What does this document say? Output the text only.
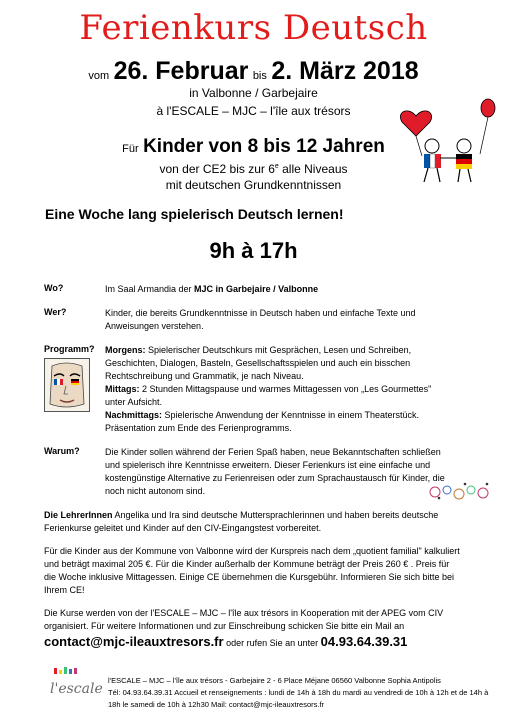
Ferienkurs Deutsch
vom 26. Februar bis 2. März 2018
in Valbonne / Garbejaire
à l'ESCALE – MJC – l'île aux trésors
Für Kinder von 8 bis 12 Jahren
von der CE2 bis zur 6e alle Niveaus
mit deutschen Grundkenntnissen
Eine Woche lang spielerisch Deutsch lernen!
9h à 17h
Wo?	Im Saal Armandia der MJC in Garbejaire / Valbonne
Wer?	Kinder, die bereits Grundkenntnisse in Deutsch haben und einfache Texte und Anweisungen verstehen.
Programm? Morgens: Spielerischer Deutschkurs mit Gesprächen, Lesen und Schreiben, Geschichten, Dialogen, Basteln, Gesellschaftsspielen und auch ein bisschen Rechtschreibung und Grammatik, je nach Niveau.
Mittags: 2 Stunden Mittagspause und warmes Mittagessen von „Les Gourmettes" unter Aufsicht.
Nachmittags: Spielerische Anwendung der Kenntnisse in einem Theaterstück. Präsentation zum Ende des Ferienprogramms.
Warum?	Die Kinder sollen während der Ferien Spaß haben, neue Bekanntschaften schließen und spielerisch ihre Kenntnisse erweitern. Dieser Ferienkurs ist eine einfache und kostengünstige Alternative zu Ferienreisen oder zum Sprachaustausch für Kinder, die noch nicht autonom sind.
Die LehrerInnen Angelika und Ira sind deutsche Muttersprachlerinnen und haben bereits deutsche Ferienkurse geleitet und Kinder auf den CIV-Eingangstest vorbereitet.
Für die Kinder aus der Kommune von Valbonne wird der Kurspreis nach dem „quotient familial" kalkuliert und beträgt maximal 205 €. Für die Kinder außerhalb der Kommune beträgt der Preis 260 € . Preis für die Woche inklusive Mittagessen. Einige CE übernehmen die Kursgebühr. Informieren Sie sich bitte bei Ihrem CE!
Die Kurse werden von der l'ESCALE – MJC – l'île aux trésors in Kooperation mit der APEG vom CIV organisiert. Für weitere Informationen und zur Einschreibung schicken Sie bitte ein Mail an
contact@mjc-ileauxtresors.fr oder rufen Sie an unter 04.93.64.39.31
l'escale
l'ESCALE – MJC – l'île aux trésors - Garbejaire 2 - 6 Place Méjane 06560 Valbonne Sophia Antipolis
Tél: 04.93.64.39.31 Accueil et renseignements : lundi de 14h à 18h du mardi au vendredi de 10h à 12h et de 14h à 18h le samedi de 10h à 12h30 Mail: contact@mjc-ileauxtresors.fr
